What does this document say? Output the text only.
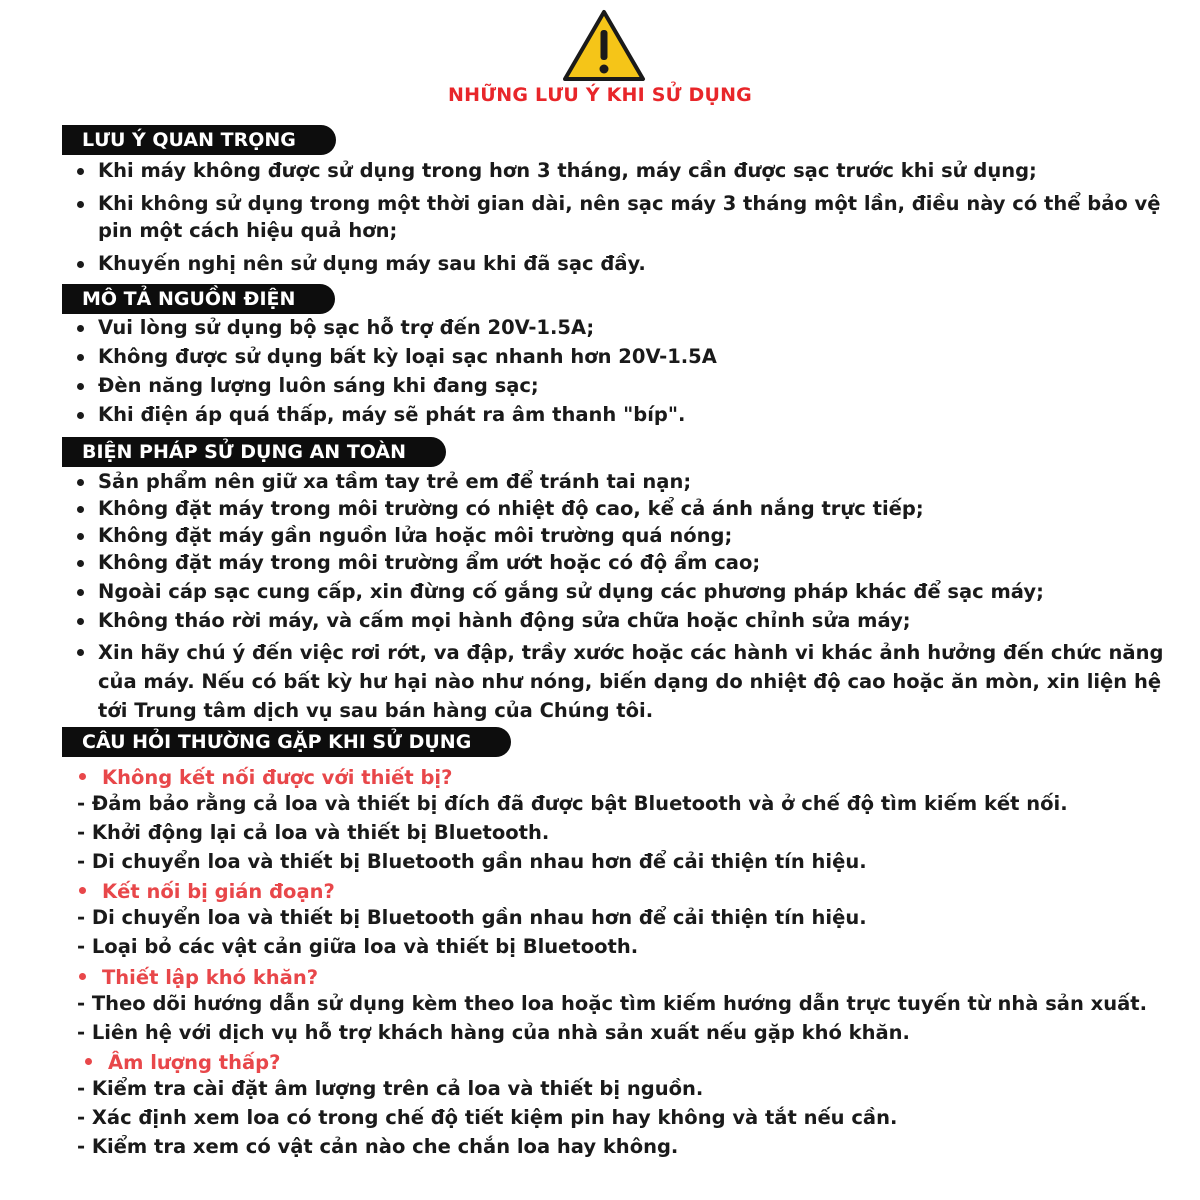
NHỮNG LƯU Ý KHI SỬ DỤNG
LƯU Ý QUAN TRỌNG
Khi máy không được sử dụng trong hơn 3 tháng, máy cần được sạc trước khi sử dụng;
Khi không sử dụng trong một thời gian dài, nên sạc máy 3 tháng một lần, điều này có thể bảo vệ pin một cách hiệu quả hơn;
Khuyến nghị nên sử dụng máy sau khi đã sạc đầy.
MÔ TẢ NGUỒN ĐIỆN
Vui lòng sử dụng bộ sạc hỗ trợ đến 20V-1.5A;
Không được sử dụng bất kỳ loại sạc nhanh hơn 20V-1.5A
Đèn năng lượng luôn sáng khi đang sạc;
Khi điện áp quá thấp, máy sẽ phát ra âm thanh "bíp".
BIỆN PHÁP SỬ DỤNG AN TOÀN
Sản phẩm nên giữ xa tầm tay trẻ em để tránh tai nạn;
Không đặt máy trong môi trường có nhiệt độ cao, kể cả ánh nắng trực tiếp;
Không đặt máy gần nguồn lửa hoặc môi trường quá nóng;
Không đặt máy trong môi trường ẩm ướt hoặc có độ ẩm cao;
Ngoài cáp sạc cung cấp, xin đừng cố gắng sử dụng các phương pháp khác để sạc máy;
Không tháo rời máy, và cấm mọi hành động sửa chữa hoặc chỉnh sửa máy;
Xin hãy chú ý đến việc rơi rớt, va đập, trầy xước hoặc các hành vi khác ảnh hưởng đến chức năng của máy. Nếu có bất kỳ hư hại nào như nóng, biến dạng do nhiệt độ cao hoặc ăn mòn, xin liện hệ tới Trung tâm dịch vụ sau bán hàng của Chúng tôi.
CÂU HỎI THƯỜNG GẶP KHI SỬ DỤNG
Không kết nối được với thiết bị?
- Đảm bảo rằng cả loa và thiết bị đích đã được bật Bluetooth và ở chế độ tìm kiếm kết nối.
- Khởi động lại cả loa và thiết bị Bluetooth.
- Di chuyển loa và thiết bị Bluetooth gần nhau hơn để cải thiện tín hiệu.
Kết nối bị gián đoạn?
- Di chuyển loa và thiết bị Bluetooth gần nhau hơn để cải thiện tín hiệu.
- Loại bỏ các vật cản giữa loa và thiết bị Bluetooth.
Thiết lập khó khăn?
- Theo dõi hướng dẫn sử dụng kèm theo loa hoặc tìm kiếm hướng dẫn trực tuyến từ nhà sản xuất.
- Liên hệ với dịch vụ hỗ trợ khách hàng của nhà sản xuất nếu gặp khó khăn.
Âm lượng thấp?
- Kiểm tra cài đặt âm lượng trên cả loa và thiết bị nguồn.
- Xác định xem loa có trong chế độ tiết kiệm pin hay không và tắt nếu cần.
- Kiểm tra xem có vật cản nào che chắn loa hay không.
